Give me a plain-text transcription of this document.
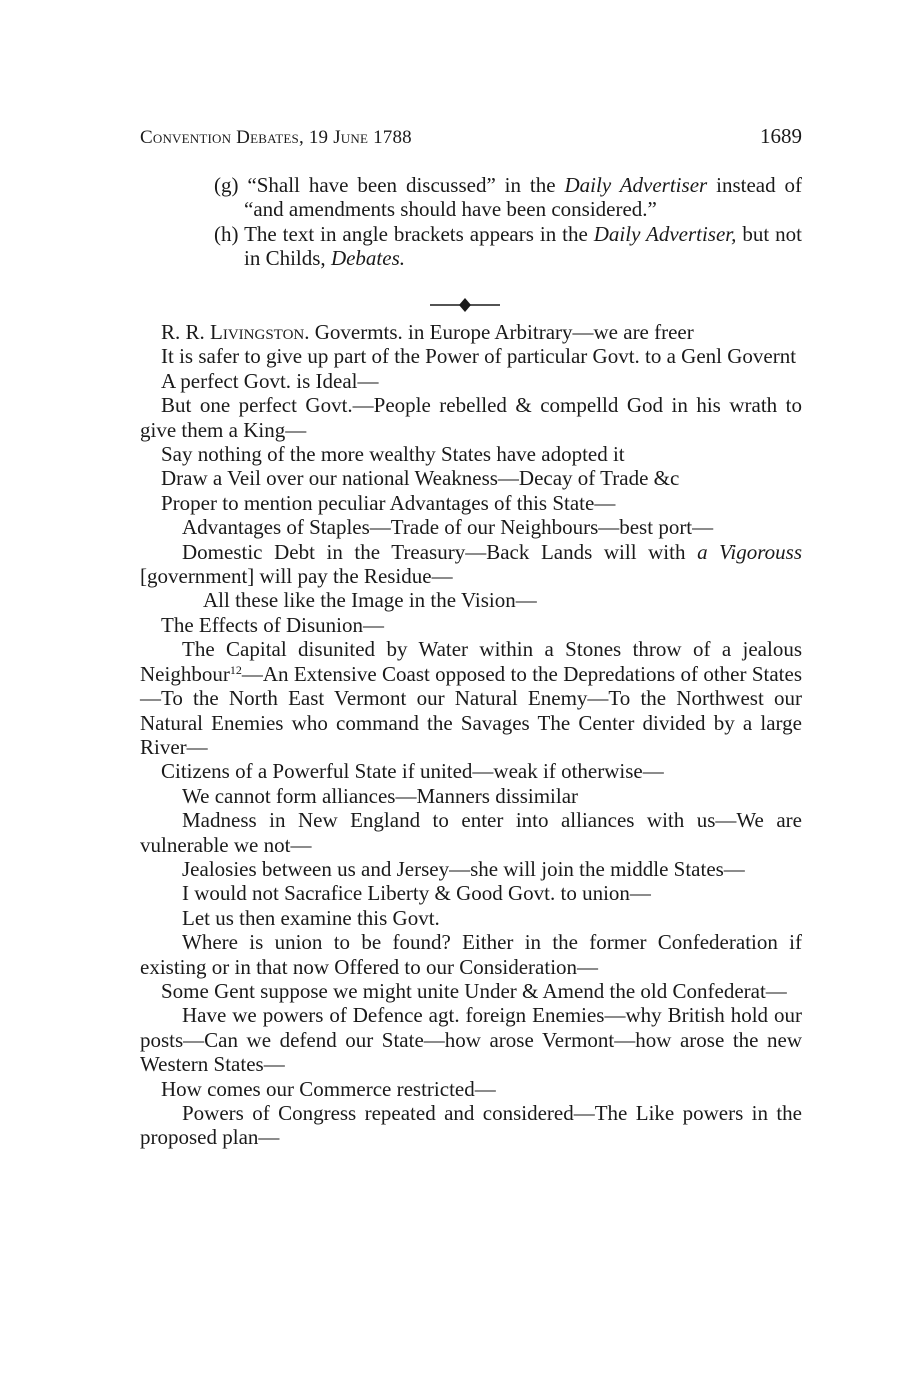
Convention Debates, 19 June 1788	1689
(g) “Shall have been discussed” in the Daily Advertiser instead of “and amendments should have been considered.”
(h) The text in angle brackets appears in the Daily Advertiser, but not in Childs, Debates.
R. R. Livingston. Govermts. in Europe Arbitrary—we are freer
It is safer to give up part of the Power of particular Govt. to a Genl Governt
A perfect Govt. is Ideal—
But one perfect Govt.—People rebelled & compelld God in his wrath to give them a King—
Say nothing of the more wealthy States have adopted it
Draw a Veil over our national Weakness—Decay of Trade &c
Proper to mention peculiar Advantages of this State—
Advantages of Staples—Trade of our Neighbours—best port—
Domestic Debt in the Treasury—Back Lands will with a Vigorouss [government] will pay the Residue—
All these like the Image in the Vision—
The Effects of Disunion—
The Capital disunited by Water within a Stones throw of a jealous Neighbour$^{12}$—An Extensive Coast opposed to the Depredations of other States—To the North East Vermont our Natural Enemy—To the Northwest our Natural Enemies who command the Savages The Center divided by a large River—
Citizens of a Powerful State if united—weak if otherwise—
We cannot form alliances—Manners dissimilar
Madness in New England to enter into alliances with us—We are vulnerable we not—
Jealosies between us and Jersey—she will join the middle States—
I would not Sacrafice Liberty & Good Govt. to union—
Let us then examine this Govt.
Where is union to be found? Either in the former Confederation if existing or in that now Offered to our Consideration—
Some Gent suppose we might unite Under & Amend the old Confederat—
Have we powers of Defence agt. foreign Enemies—why British hold our posts—Can we defend our State—how arose Vermont—how arose the new Western States—
How comes our Commerce restricted—
Powers of Congress repeated and considered—The Like powers in the proposed plan—
